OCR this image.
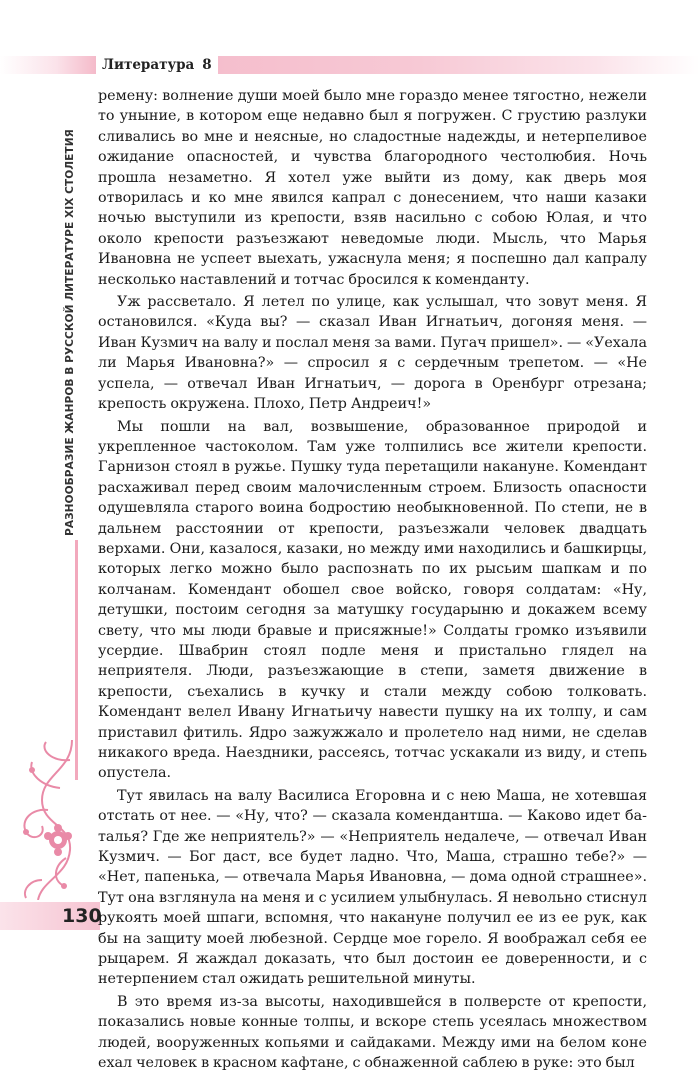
Литература 8
РАЗНООБРАЗИЕ ЖАНРОВ В РУССКОЙ ЛИТЕРАТУРЕ XIX СТОЛЕТИЯ
130

ремену: волнение души моей было мне гораздо менее тягостно, нежели то уныние, в котором еще недавно был я погружен. С грустию разлуки сливались во мне и неясные, но сладостные надежды, и нетерпеливое ожидание опасностей, и чувства благородного честолюбия. Ночь прошла незаметно. Я хотел уже выйти из дому, как дверь моя отворилась и ко мне явился капрал с донесением, что наши казаки ночью выступили из крепости, взяв насильно с собою Юлая, и что около крепости разъезжают неведомые люди. Мысль, что Марья Ивановна не успеет выехать, ужаснула меня; я поспешно дал капралу несколько наставлений и тотчас бросился к коменданту.

Уж рассветало. Я летел по улице, как услышал, что зовут меня. Я остановился. «Куда вы? — сказал Иван Игнатьич, догоняя меня. — Иван Кузмич на валу и послал меня за вами. Пугач пришел». — «Уехала ли Марья Ивановна?» — спросил я с сердечным трепетом. — «Не успела, — отвечал Иван Игнатьич, — дорога в Оренбург отрезана; крепость окружена. Плохо, Петр Андреич!»

Мы пошли на вал, возвышение, образованное природой и укрепленное частоколом. Там уже толпились все жители крепости. Гарнизон стоял в ружье. Пушку туда перетащили накануне. Комендант расхаживал перед своим малочисленным строем. Близость опасности одушевляла старого воина бодростию необыкновенной. По степи, не в дальнем расстоянии от крепости, разъезжали человек двадцать верхами. Они, казалося, казаки, но между ими находились и башкирцы, которых легко можно было распознать по их рысьим шапкам и по колчанам. Комендант обошел свое войско, говоря солдатам: «Ну, детушки, постоим сегодня за матушку государыню и докажем всему свету, что мы люди бравые и присяжные!» Солдаты громко изъявили усердие. Швабрин стоял подле меня и пристально глядел на неприятеля. Люди, разъезжающие в степи, заметя движение в крепости, съехались в кучку и стали между собою толковать. Комендант велел Ивану Игнатьичу навести пушку на их толпу, и сам приставил фитиль. Ядро зажужжало и пролетело над ними, не сделав никакого вреда. Наездники, рассеясь, тотчас ускакали из виду, и степь опустела.

Тут явилась на валу Василиса Егоровна и с нею Маша, не хотевшая отстать от нее. — «Ну, что? — сказала комендантша. — Каково идет баталья? Где же неприятель?» — «Неприятель недалече, — отвечал Иван Кузмич. — Бог даст, все будет ладно. Что, Маша, страшно тебе?» — «Нет, папенька, — отвечала Марья Ивановна, — дома одной страшнее». Тут она взглянула на меня и с усилием улыбнулась. Я невольно стиснул рукоять моей шпаги, вспомня, что накануне получил ее из ее рук, как бы на защиту моей любезной. Сердце мое горело. Я воображал себя ее рыцарем. Я жаждал доказать, что был достоин ее доверенности, и с нетерпением стал ожидать решительной минуты.

В это время из-за высоты, находившейся в полверсте от крепости, показались новые конные толпы, и вскоре степь усеялась множеством людей, вооруженных копьями и сайдаками. Между ими на белом коне ехал человек в красном кафтане, с обнаженной саблею в руке: это был
